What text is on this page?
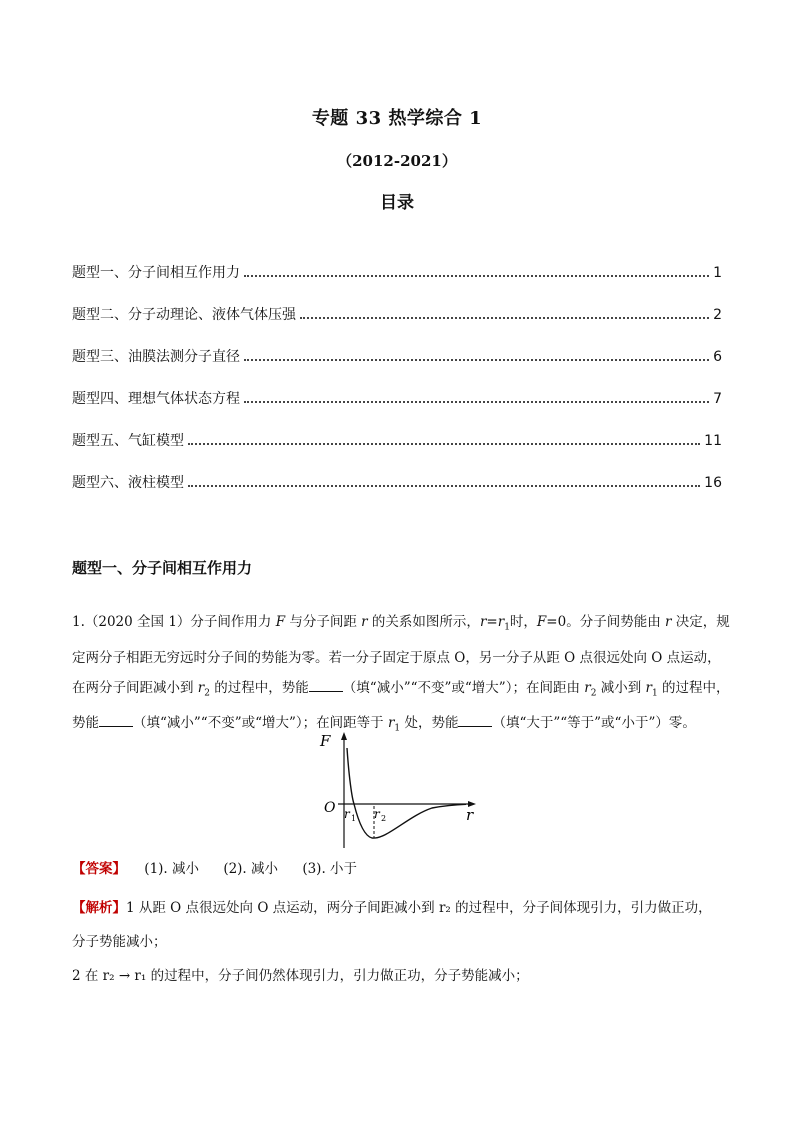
专题 33 热学综合 1
（2012-2021）
目录
题型一、分子间相互作用力	1
题型二、分子动理论、液体气体压强	2
题型三、油膜法测分子直径	6
题型四、理想气体状态方程	7
题型五、气缸模型	11
题型六、液柱模型	16
题型一、分子间相互作用力
1.（2020 全国 1）分子间作用力 F 与分子间距 r 的关系如图所示，$r=r_1$时，F=0。分子间势能由 r 决定，规
定两分子相距无穷远时分子间的势能为零。若一分子固定于原点 O，另一分子从距 O 点很远处向 O 点运动，
在两分子间距减小到 $r_2$ 的过程中，势能	（填“减小”“不变”或“增大”）；在间距由 $r_2$ 减小到 $r_1$ 的过程中，
势能	（填“减小”“不变”或“增大”）；在间距等于 $r_1$ 处，势能	（填“大于”“等于”或“小于”）零。
F
r
O r 1 r 2
【答案】 (1). 减小 (2). 减小 (3). 小于
【解析】1 从距 O 点很远处向 O 点运动，两分子间距减小到 r₂ 的过程中，分子间体现引力，引力做正功，
分子势能减小；
2 在 r₂ → r₁ 的过程中，分子间仍然体现引力，引力做正功，分子势能减小；
